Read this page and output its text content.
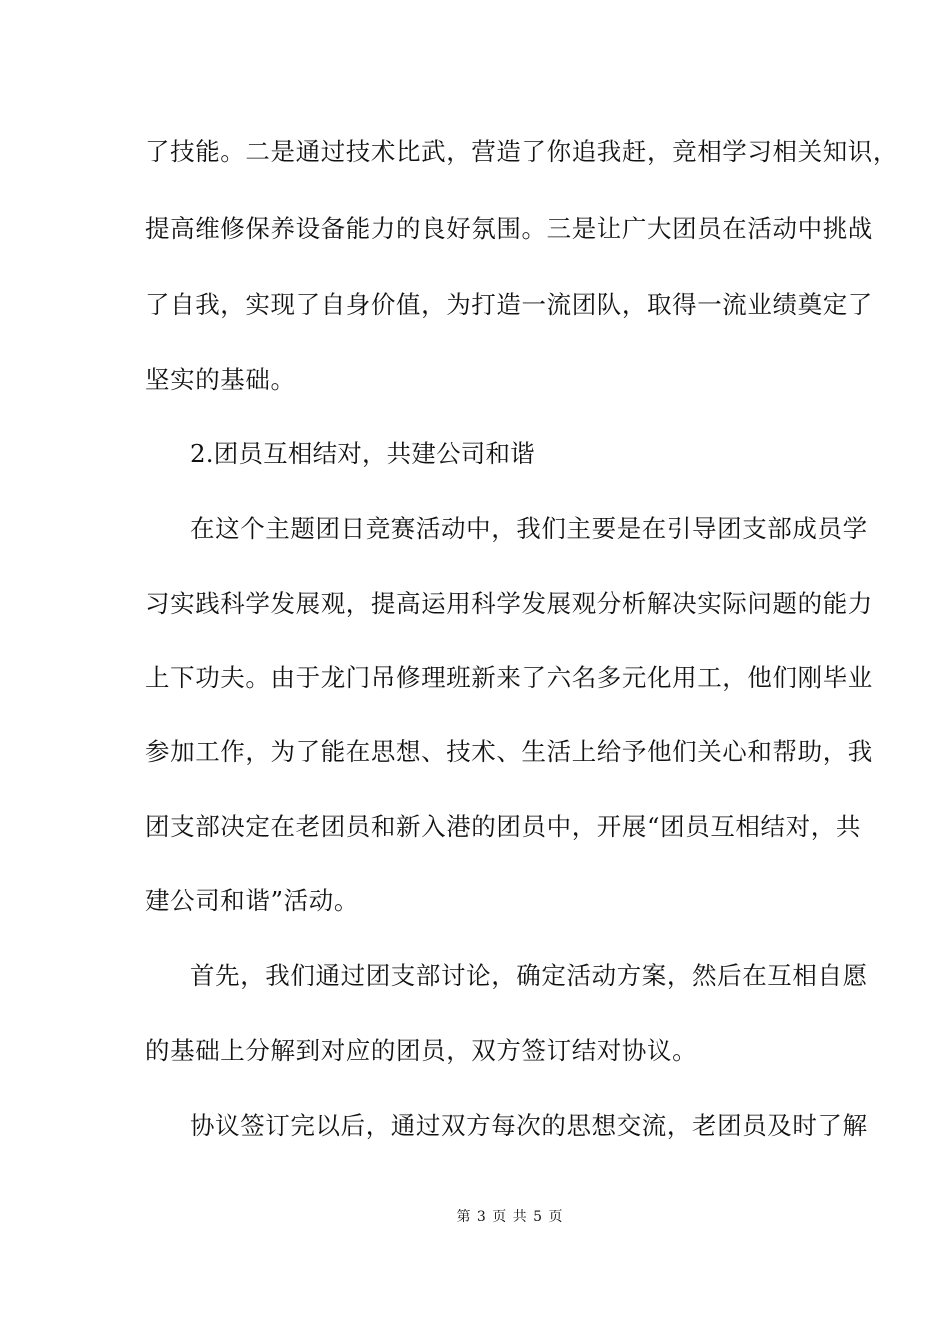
了技能。二是通过技术比武，营造了你追我赶，竞相学习相关知识，
提高维修保养设备能力的良好氛围。三是让广大团员在活动中挑战
了自我，实现了自身价值，为打造一流团队，取得一流业绩奠定了
坚实的基础。
2.团员互相结对，共建公司和谐
在这个主题团日竞赛活动中，我们主要是在引导团支部成员学
习实践科学发展观，提高运用科学发展观分析解决实际问题的能力
上下功夫。由于龙门吊修理班新来了六名多元化用工，他们刚毕业
参加工作，为了能在思想、技术、生活上给予他们关心和帮助，我
团支部决定在老团员和新入港的团员中，开展“团员互相结对，共
建公司和谐”活动。
首先，我们通过团支部讨论，确定活动方案，然后在互相自愿
的基础上分解到对应的团员，双方签订结对协议。
协议签订完以后，通过双方每次的思想交流，老团员及时了解
第 3 页 共 5 页
